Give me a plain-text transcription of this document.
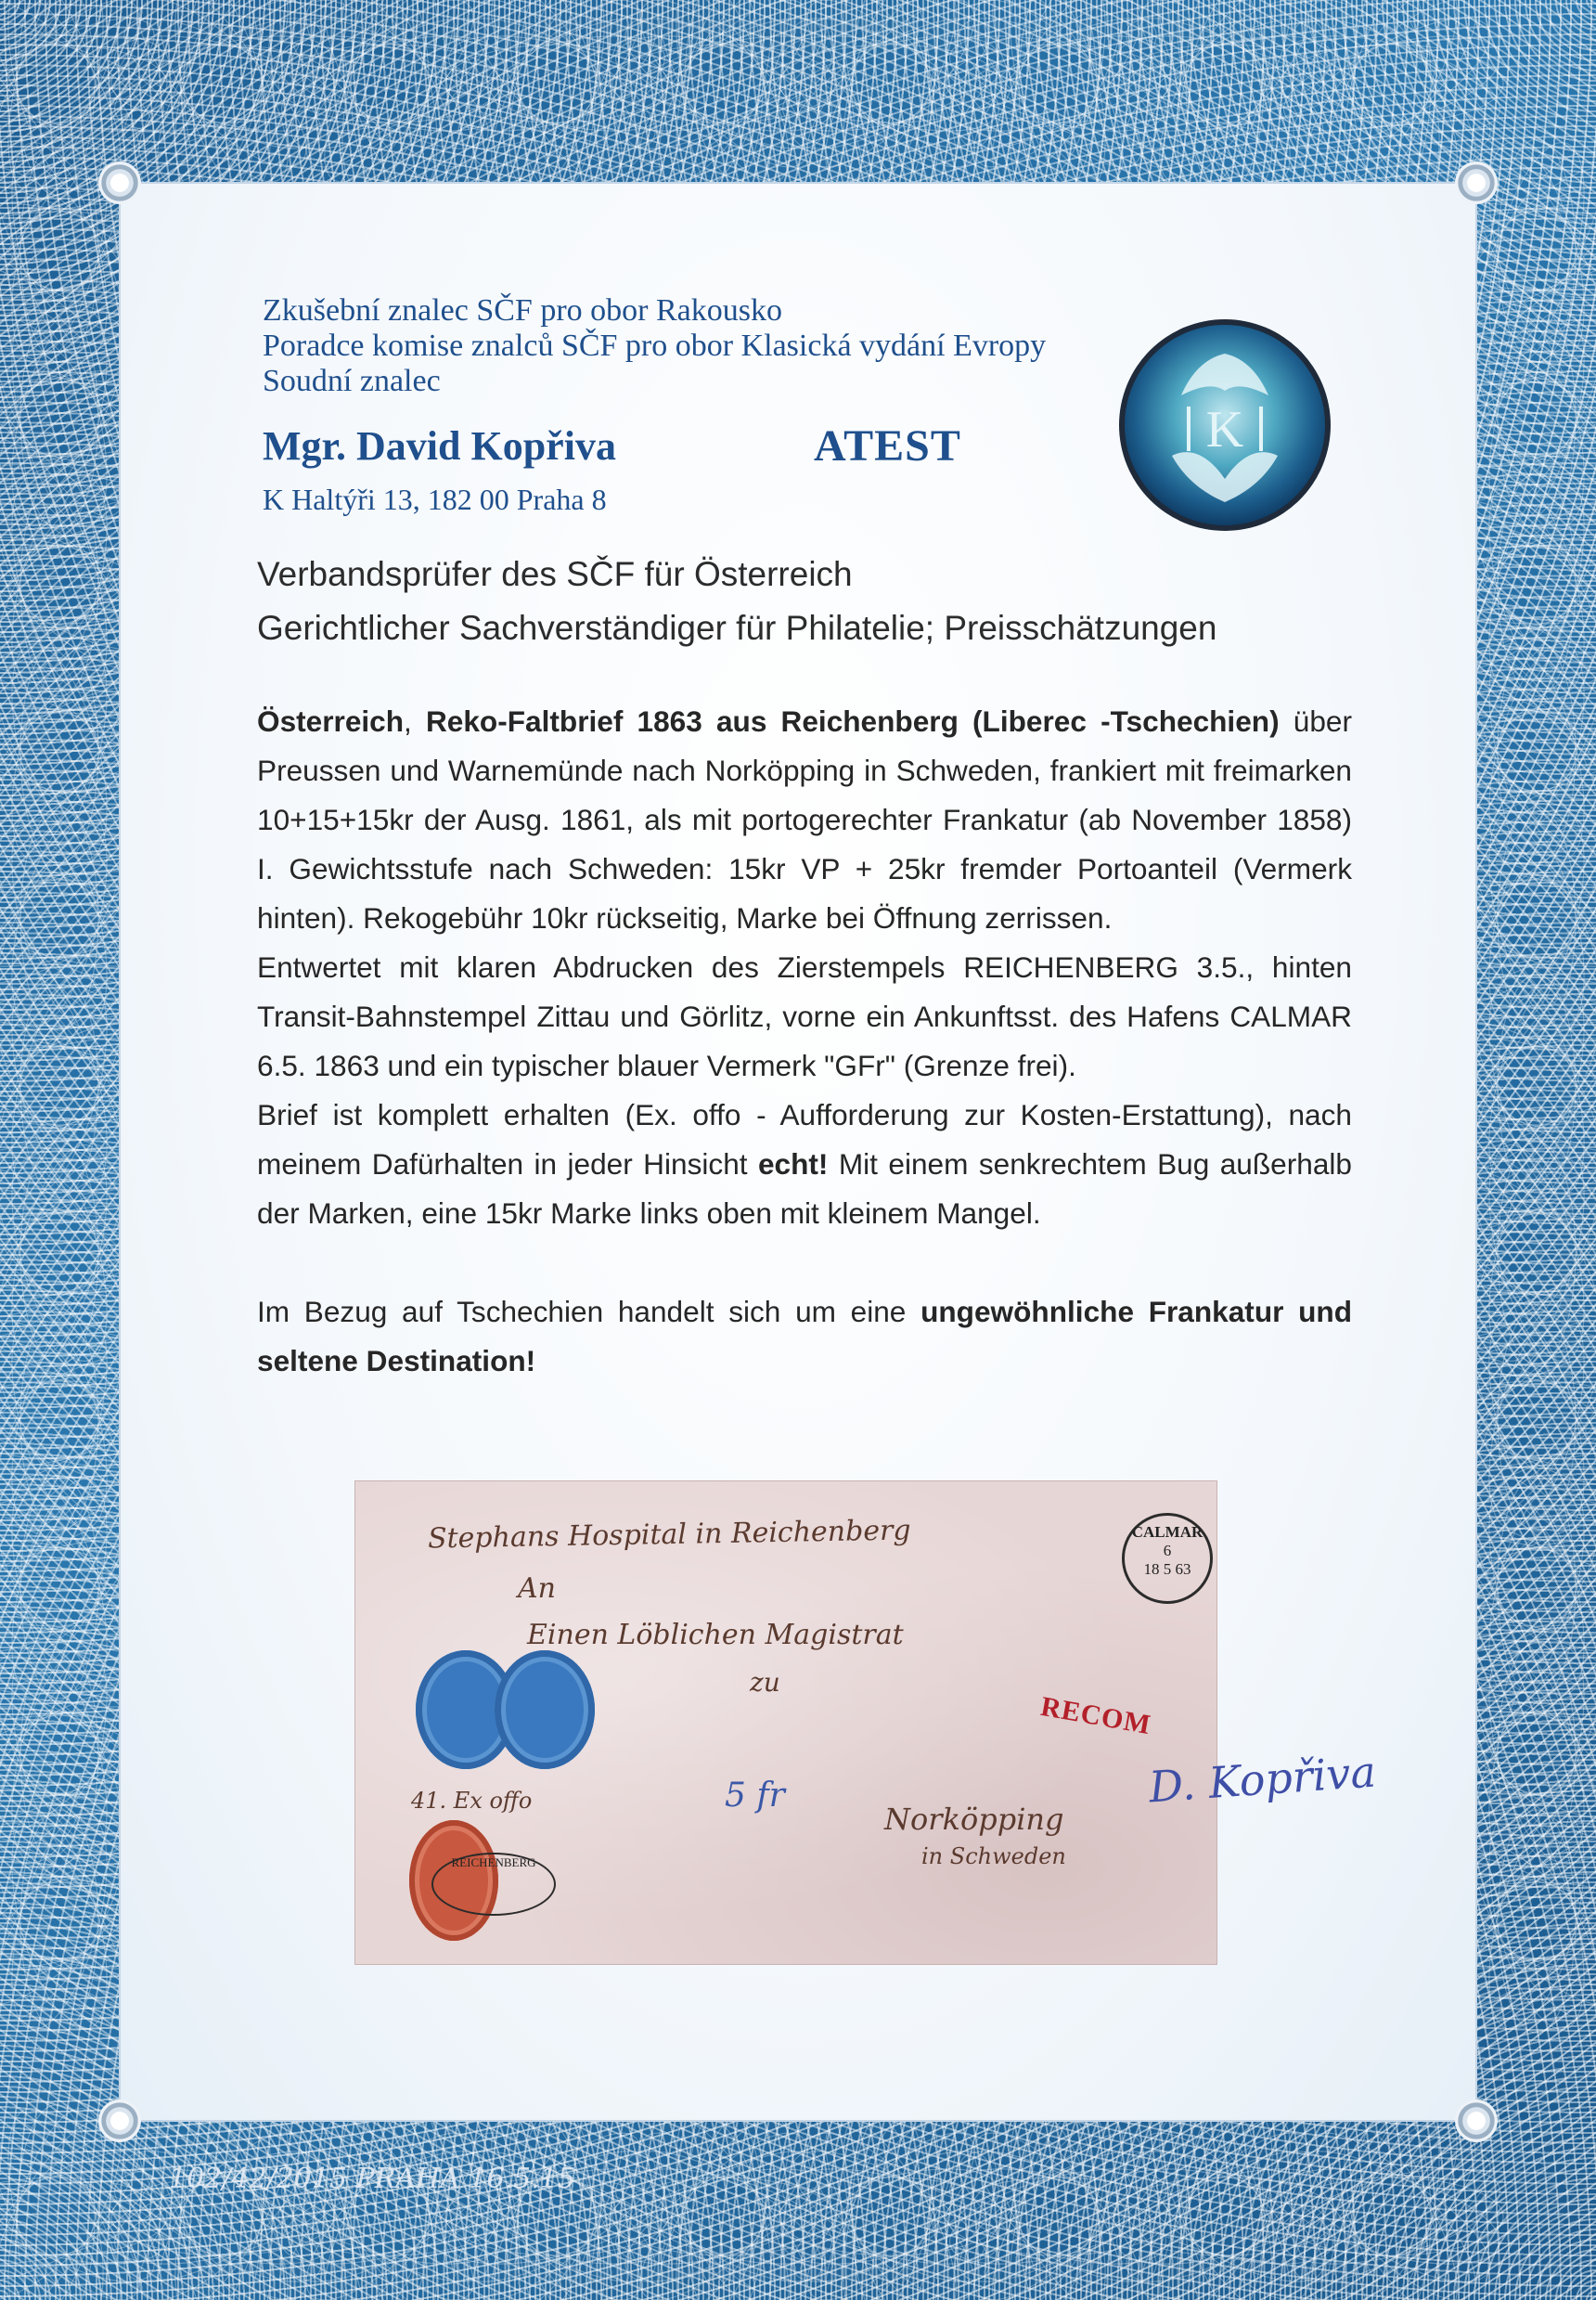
Zkušební znalec SČF pro obor Rakousko
Poradce komise znalců SČF pro obor Klasická vydání Evropy
Soudní znalec
Mgr. David Kopřiva	ATEST
K Haltýři 13, 182 00 Praha 8
K
Verbandsprüfer des SČF für Österreich
Gerichtlicher Sachverständiger für Philatelie; Preisschätzungen

Österreich, Reko-Faltbrief 1863 aus Reichenberg (Liberec -Tschechien) über Preussen und Warnemünde nach Norköpping in Schweden, frankiert mit freimarken 10+15+15kr der Ausg. 1861, als mit portogerechter Frankatur (ab November 1858) I. Gewichtsstufe nach Schweden: 15kr VP + 25kr fremder Portoanteil (Vermerk hinten). Rekogebühr 10kr rückseitig, Marke bei Öffnung zerrissen.

Entwertet mit klaren Abdrucken des Zierstempels REICHENBERG 3.5., hinten Transit-Bahnstempel Zittau und Görlitz, vorne ein Ankunftsst. des Hafens CALMAR 6.5. 1863 und ein typischer blauer Vermerk "GFr" (Grenze frei).

Brief ist komplett erhalten (Ex. offo - Aufforderung zur Kosten-Erstattung), nach meinem Dafürhalten in jeder Hinsicht echt! Mit einem senkrechtem Bug außerhalb der Marken, eine 15kr Marke links oben mit kleinem Mangel.

Im Bezug auf Tschechien handelt sich um eine ungewöhnliche Frankatur und seltene Destination!

Stephans Hospital in Reichenberg
An
Einen Löblichen Magistrat
zu
41. Ex offo
Norköpping
in Schweden
5 fr
RECOM
CALMAR
6
18 5 63
REICHENBERG
D. Kopřiva
102/42/2015 PRAHA 16.5.15
